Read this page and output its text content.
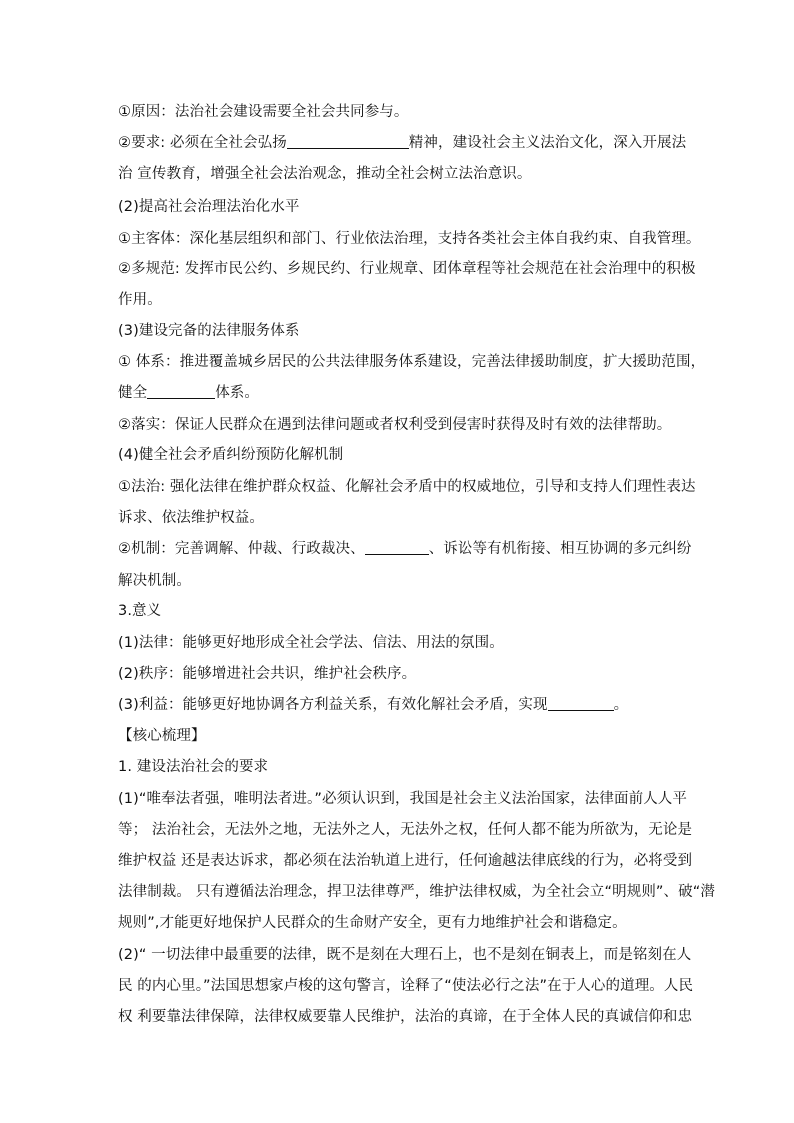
①原因：法治社会建设需要全社会共同参与。
②要求: 必须在全社会弘扬	精神，建设社会主义法治文化，深入开展法
治 宣传教育，增强全社会法治观念，推动全社会树立法治意识。
(2)提高社会治理法治化水平
①主客体：深化基层组织和部门、行业依法治理，支持各类社会主体自我约束、自我管理。
②多规范: 发挥市民公约、乡规民约、行业规章、团体章程等社会规范在社会治理中的积极
作用。
(3)建设完备的法律服务体系
① 体系：推进覆盖城乡居民的公共法律服务体系建设，完善法律援助制度，扩大援助范围，
健全	体系。
②落实：保证人民群众在遇到法律问题或者权利受到侵害时获得及时有效的法律帮助。
(4)健全社会矛盾纠纷预防化解机制
①法治: 强化法律在维护群众权益、化解社会矛盾中的权威地位，引导和支持人们理性表达
诉求、依法维护权益。
②机制：完善调解、仲裁、行政裁决、	、诉讼等有机衔接、相互协调的多元纠纷
解决机制。
3.意义
(1)法律：能够更好地形成全社会学法、信法、用法的氛围。
(2)秩序：能够增进社会共识，维护社会秩序。
(3)利益：能够更好地协调各方利益关系，有效化解社会矛盾，实现	。
【核心梳理】
1. 建设法治社会的要求
(1)“唯奉法者强，唯明法者进。”必须认识到，我国是社会主义法治国家，法律面前人人平
等； 法治社会，无法外之地，无法外之人，无法外之权，任何人都不能为所欲为，无论是
维护权益 还是表达诉求，都必须在法治轨道上进行，任何逾越法律底线的行为，必将受到
法律制裁。 只有遵循法治理念，捍卫法律尊严，维护法律权威，为全社会立“明规则”、破“潜
规则”,才能更好地保护人民群众的生命财产安全，更有力地维护社会和谐稳定。
(2)“ 一切法律中最重要的法律，既不是刻在大理石上，也不是刻在铜表上，而是铭刻在人
民 的内心里。”法国思想家卢梭的这句警言，诠释了“使法必行之法”在于人心的道理。人民
权 利要靠法律保障，法律权威要靠人民维护，法治的真谛，在于全体人民的真诚信仰和忠
